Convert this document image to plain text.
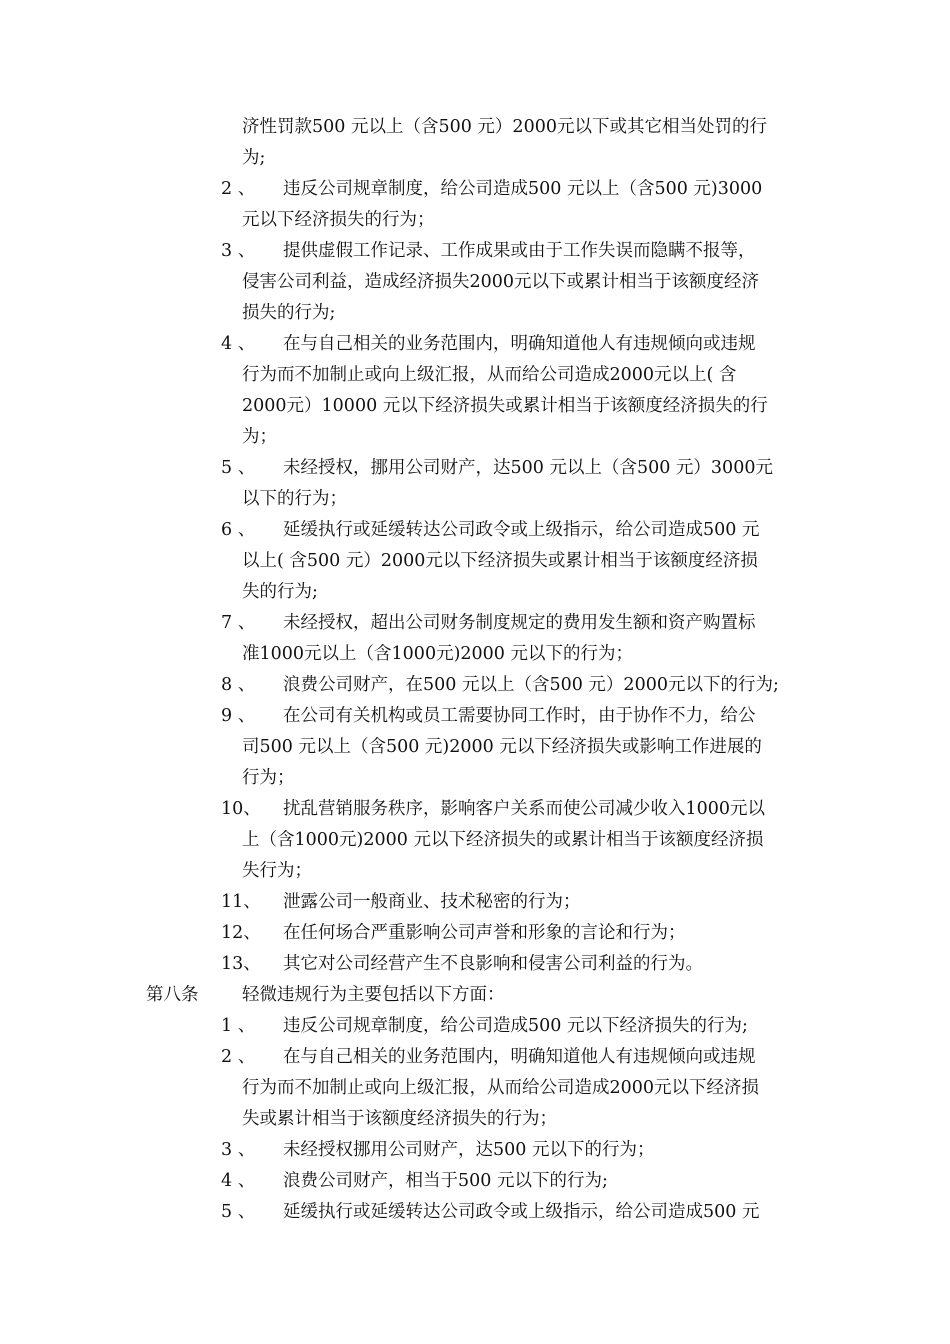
济性罚款500 元以上（含500 元）2000元以下或其它相当处罚的行
为;
2 、 违反公司规章制度，给公司造成500 元以上（含500 元)3000
元以下经济损失的行为；
3 、 提供虚假工作记录、工作成果或由于工作失误而隐瞒不报等，
侵害公司利益，造成经济损失2000元以下或累计相当于该额度经济
损失的行为;
4 、 在与自己相关的业务范围内，明确知道他人有违规倾向或违规
行为而不加制止或向上级汇报，从而给公司造成2000元以上( 含
2000元）10000 元以下经济损失或累计相当于该额度经济损失的行
为；
5 、 未经授权，挪用公司财产，达500 元以上（含500 元）3000元
以下的行为；
6 、 延缓执行或延缓转达公司政令或上级指示，给公司造成500 元
以上( 含500 元）2000元以下经济损失或累计相当于该额度经济损
失的行为;
7 、 未经授权，超出公司财务制度规定的费用发生额和资产购置标
准1000元以上（含1000元)2000 元以下的行为；
8 、 浪费公司财产，在500 元以上（含500 元）2000元以下的行为;
9 、 在公司有关机构或员工需要协同工作时，由于协作不力，给公
司500 元以上（含500 元)2000 元以下经济损失或影响工作进展的
行为；
10、 扰乱营销服务秩序，影响客户关系而使公司减少收入1000元以
上（含1000元)2000 元以下经济损失的或累计相当于该额度经济损
失行为；
11、 泄露公司一般商业、技术秘密的行为；
12、 在任何场合严重影响公司声誉和形象的言论和行为；
13、 其它对公司经营产生不良影响和侵害公司利益的行为。
第八条 轻微违规行为主要包括以下方面：
1 、 违反公司规章制度，给公司造成500 元以下经济损失的行为;
2 、 在与自己相关的业务范围内，明确知道他人有违规倾向或违规
行为而不加制止或向上级汇报，从而给公司造成2000元以下经济损
失或累计相当于该额度经济损失的行为；
3 、 未经授权挪用公司财产，达500 元以下的行为；
4 、 浪费公司财产，相当于500 元以下的行为;
5 、 延缓执行或延缓转达公司政令或上级指示，给公司造成500 元
